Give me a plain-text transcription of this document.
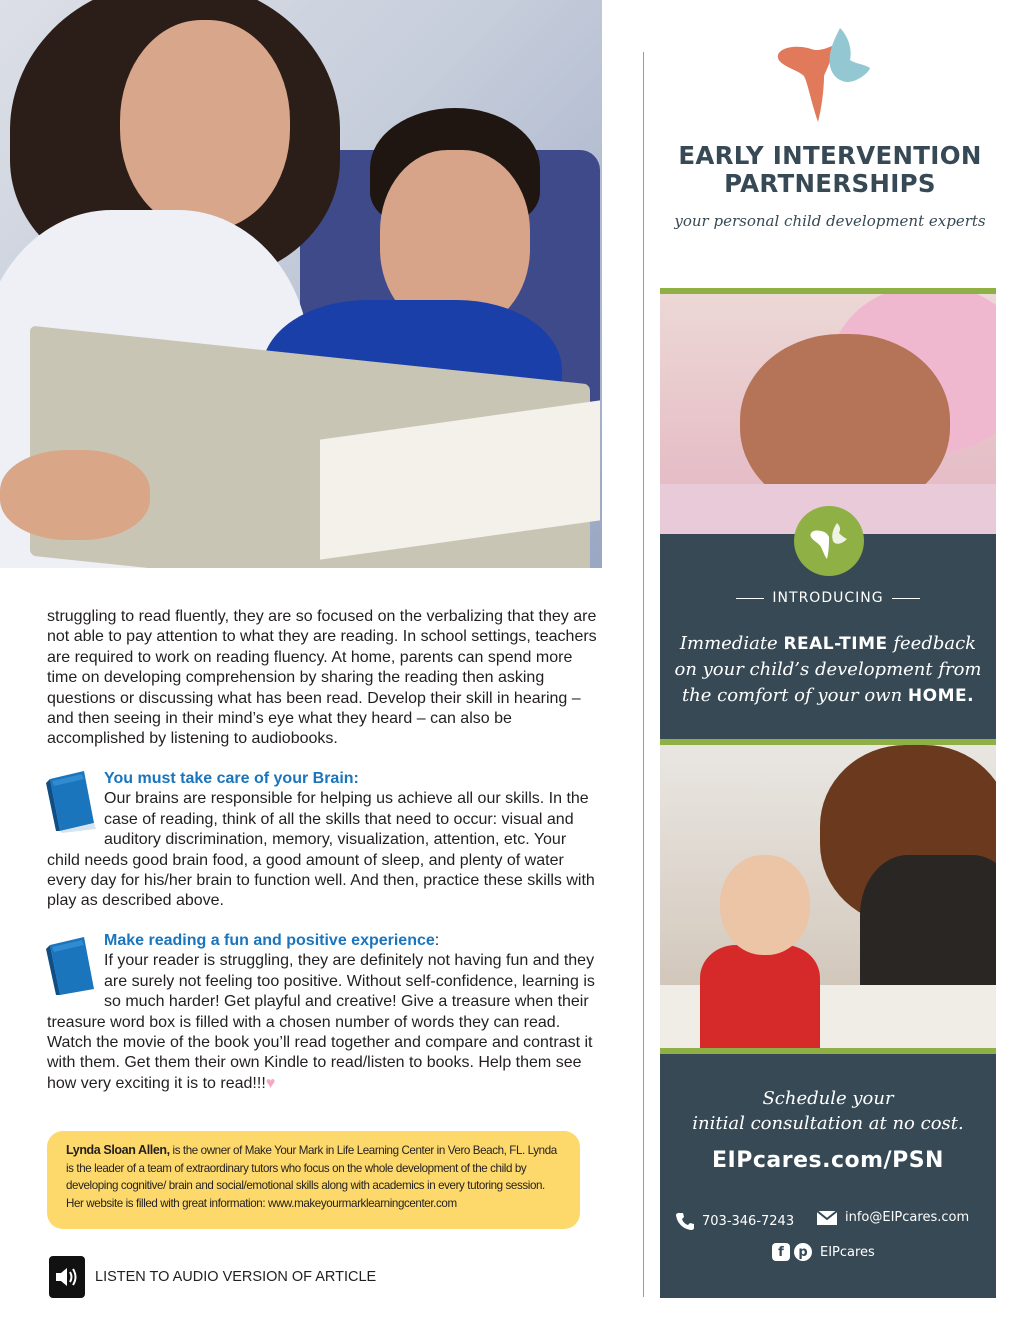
struggling to read fluently, they are so focused on the verbalizing that they are not able to pay attention to what they are reading. In school settings, teachers are required to work on reading fluency. At home, parents can spend more time on developing comprehension by sharing the reading then asking questions or discussing what has been read. Develop their skill in hearing – and then seeing in their mind’s eye what they heard – can also be accomplished by listening to audiobooks.
You must take care of your Brain:

Our brains are responsible for helping us achieve all our skills. In the case of reading, think of all the skills that need to occur: visual and auditory discrimination, memory, visualization, attention, etc. Your child needs good brain food, a good amount of sleep, and plenty of water every day for his/her brain to function well. And then, practice these skills with play as described above.

Make reading a fun and positive experience:

If your reader is struggling, they are definitely not having fun and they are surely not feeling too positive. Without self-confidence, learning is so much harder! Get playful and creative! Give a treasure when their treasure word box is filled with a chosen number of words they can read. Watch the movie of the book you’ll read together and compare and contrast it with them. Get them their own Kindle to read/listen to books. Help them see how very exciting it is to read!!!♥

Lynda Sloan Allen, is the owner of Make Your Mark in Life Learning Center in Vero Beach, FL. Lynda is the leader of a team of extraordinary tutors who focus on the whole development of the child by developing cognitive/ brain and social/emotional skills along with academics in every tutoring session. Her website is filled with great information: www.makeyourmarklearningcenter.com
LISTEN TO AUDIO VERSION OF ARTICLE
EARLY INTERVENTION
PARTNERSHIPS
your personal child development experts
INTRODUCING
Immediate REAL-TIME feedback
on your child’s development from
the comfort of your own HOME.
Schedule your
initial consultation at no cost.
EIPcares.com/PSN
703-346-7243	info@EIPcares.com
f	p EIPcares
